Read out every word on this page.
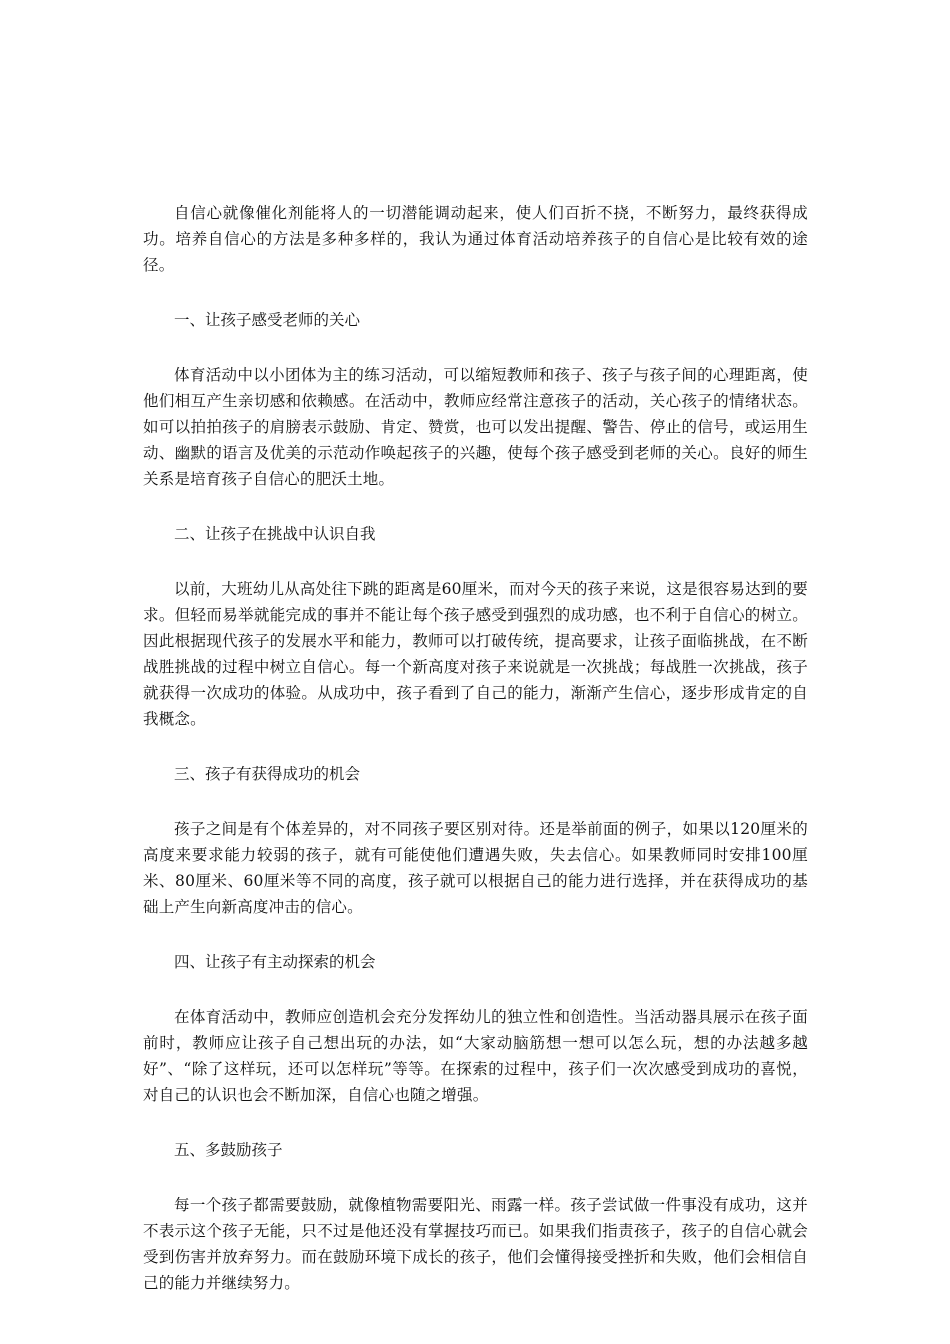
自信心就像催化剂能将人的一切潜能调动起来，使人们百折不挠，不断努力，最终获得成功。培养自信心的方法是多种多样的，我认为通过体育活动培养孩子的自信心是比较有效的途径。

一、让孩子感受老师的关心

体育活动中以小团体为主的练习活动，可以缩短教师和孩子、孩子与孩子间的心理距离，使他们相互产生亲切感和依赖感。在活动中，教师应经常注意孩子的活动，关心孩子的情绪状态。如可以拍拍孩子的肩膀表示鼓励、肯定、赞赏，也可以发出提醒、警告、停止的信号，或运用生动、幽默的语言及优美的示范动作唤起孩子的兴趣，使每个孩子感受到老师的关心。良好的师生关系是培育孩子自信心的肥沃土地。

二、让孩子在挑战中认识自我

以前，大班幼儿从高处往下跳的距离是60厘米，而对今天的孩子来说，这是很容易达到的要求。但轻而易举就能完成的事并不能让每个孩子感受到强烈的成功感，也不利于自信心的树立。因此根据现代孩子的发展水平和能力，教师可以打破传统，提高要求，让孩子面临挑战，在不断战胜挑战的过程中树立自信心。每一个新高度对孩子来说就是一次挑战；每战胜一次挑战，孩子就获得一次成功的体验。从成功中，孩子看到了自己的能力，渐渐产生信心，逐步形成肯定的自我概念。

三、孩子有获得成功的机会

孩子之间是有个体差异的，对不同孩子要区别对待。还是举前面的例子，如果以120厘米的高度来要求能力较弱的孩子，就有可能使他们遭遇失败，失去信心。如果教师同时安排100厘米、80厘米、60厘米等不同的高度，孩子就可以根据自己的能力进行选择，并在获得成功的基础上产生向新高度冲击的信心。

四、让孩子有主动探索的机会

在体育活动中，教师应创造机会充分发挥幼儿的独立性和创造性。当活动器具展示在孩子面前时，教师应让孩子自己想出玩的办法，如“大家动脑筋想一想可以怎么玩，想的办法越多越好”、“除了这样玩，还可以怎样玩”等等。在探索的过程中，孩子们一次次感受到成功的喜悦，对自己的认识也会不断加深，自信心也随之增强。

五、多鼓励孩子

每一个孩子都需要鼓励，就像植物需要阳光、雨露一样。孩子尝试做一件事没有成功，这并不表示这个孩子无能，只不过是他还没有掌握技巧而已。如果我们指责孩子，孩子的自信心就会受到伤害并放弃努力。而在鼓励环境下成长的孩子，他们会懂得接受挫折和失败，他们会相信自己的能力并继续努力。
